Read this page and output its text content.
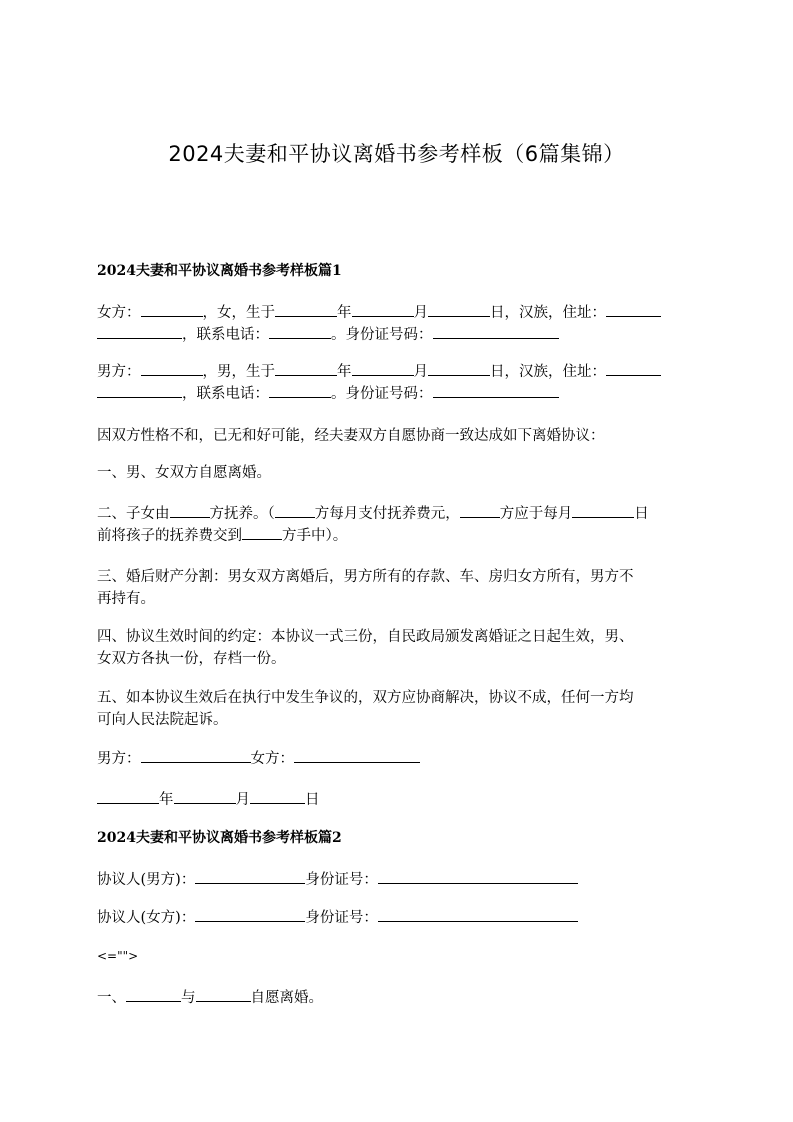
2024夫妻和平协议离婚书参考样板（6篇集锦）
2024夫妻和平协议离婚书参考样板篇1
女方：	，女，生于	年	月	日，汉族，住址：
，联系电话：	。身份证号码：
男方：	，男，生于	年	月	日，汉族，住址：
，联系电话：	。身份证号码：
因双方性格不和，已无和好可能，经夫妻双方自愿协商一致达成如下离婚协议：
一、男、女双方自愿离婚。
二、子女由	方抚养。（	方每月支付抚养费元，	方应于每月	日
前将孩子的抚养费交到	方手中）。
三、婚后财产分割：男女双方离婚后，男方所有的存款、车、房归女方所有，男方不
再持有。
四、协议生效时间的约定：本协议一式三份，自民政局颁发离婚证之日起生效，男、
女双方各执一份，存档一份。
五、如本协议生效后在执行中发生争议的，双方应协商解决，协议不成，任何一方均
可向人民法院起诉。
男方：	女方：
年	月	日
2024夫妻和平协议离婚书参考样板篇2
协议人(男方)：	身份证号：
协议人(女方)：	身份证号：
<="">
一、	与	自愿离婚。
